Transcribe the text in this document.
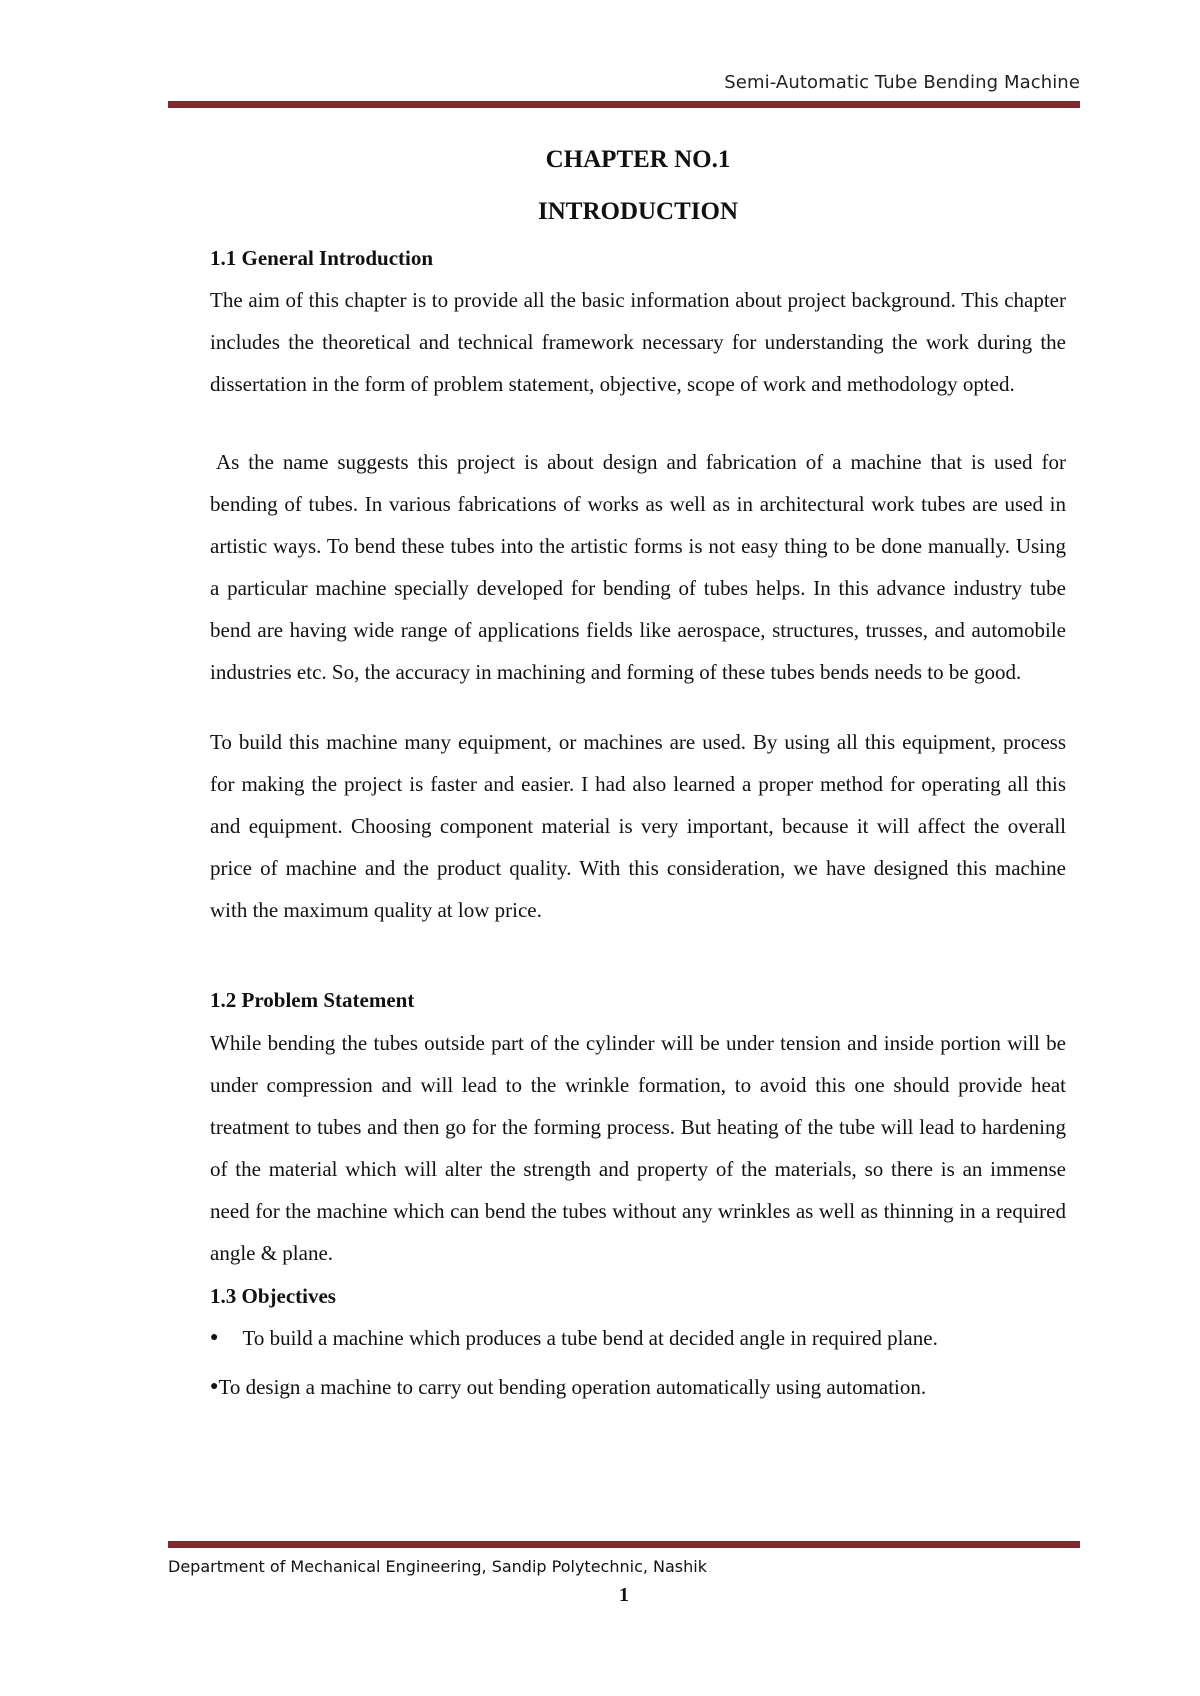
Semi-Automatic Tube Bending Machine
CHAPTER NO.1
INTRODUCTION
1.1 General Introduction
The aim of this chapter is to provide all the basic information about project background. This chapter includes the theoretical and technical framework necessary for understanding the work during the dissertation in the form of problem statement, objective, scope of work and methodology opted.
As the name suggests this project is about design and fabrication of a machine that is used for bending of tubes. In various fabrications of works as well as in architectural work tubes are used in artistic ways. To bend these tubes into the artistic forms is not easy thing to be done manually. Using a particular machine specially developed for bending of tubes helps. In this advance industry tube bend are having wide range of applications fields like aerospace, structures, trusses, and automobile industries etc. So, the accuracy in machining and forming of these tubes bends needs to be good.
To build this machine many equipment, or machines are used. By using all this equipment, process for making the project is faster and easier. I had also learned a proper method for operating all this and equipment. Choosing component material is very important, because it will affect the overall price of machine and the product quality. With this consideration, we have designed this machine with the maximum quality at low price.
1.2 Problem Statement
While bending the tubes outside part of the cylinder will be under tension and inside portion will be under compression and will lead to the wrinkle formation, to avoid this one should provide heat treatment to tubes and then go for the forming process. But heating of the tube will lead to hardening of the material which will alter the strength and property of the materials, so there is an immense need for the machine which can bend the tubes without any wrinkles as well as thinning in a required angle & plane.
1.3 Objectives
● To build a machine which produces a tube bend at decided angle in required plane.
●To design a machine to carry out bending operation automatically using automation.
Department of Mechanical Engineering, Sandip Polytechnic, Nashik
1
